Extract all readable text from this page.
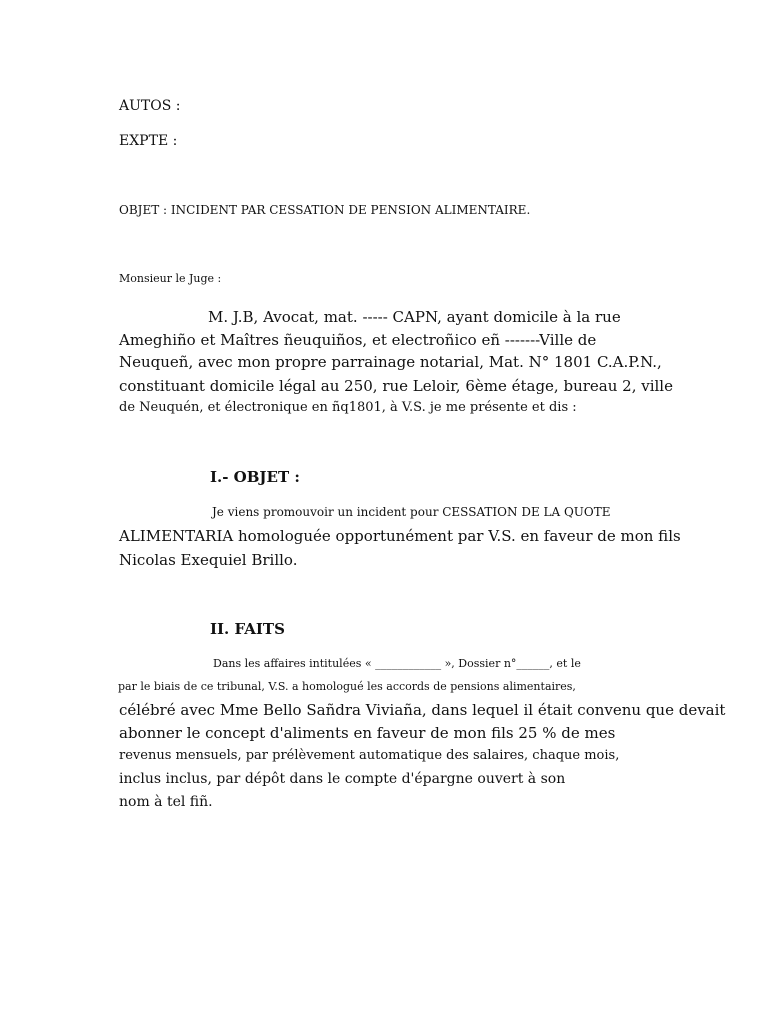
AUTOS :
EXPTE :
OBJET : INCIDENT PAR CESSATION DE PENSION ALIMENTAIRE.
Monsieur le Juge :
M. J.B, Avocat, mat. ----- CAPN, ayant domicile à la rue
Ameghiño et Maîtres ñeuquiños, et electroñico eñ -------Ville de
Neuqueñ, avec mon propre parrainage notarial, Mat. N° 1801 C.A.P.N.,
constituant domicile légal au 250, rue Leloir, 6ème étage, bureau 2, ville
de Neuquén, et électronique en ñq1801, à V.S. je me présente et dis :
I.- OBJET :
Je viens promouvoir un incident pour CESSATION DE LA QUOTE
ALIMENTARIA homologuée opportunément par V.S. en faveur de mon fils
Nicolas Exequiel Brillo.
II. FAITS
Dans les affaires intitulées « ____________ », Dossier n°______, et le
par le biais de ce tribunal, V.S. a homologué les accords de pensions alimentaires,
célébré avec Mme Bello Sañdra Viviaña, dans lequel il était convenu que devait
abonner le concept d'aliments en faveur de mon fils 25 % de mes
revenus mensuels, par prélèvement automatique des salaires, chaque mois,
inclus inclus, par dépôt dans le compte d'épargne ouvert à son
nom à tel fiñ.
